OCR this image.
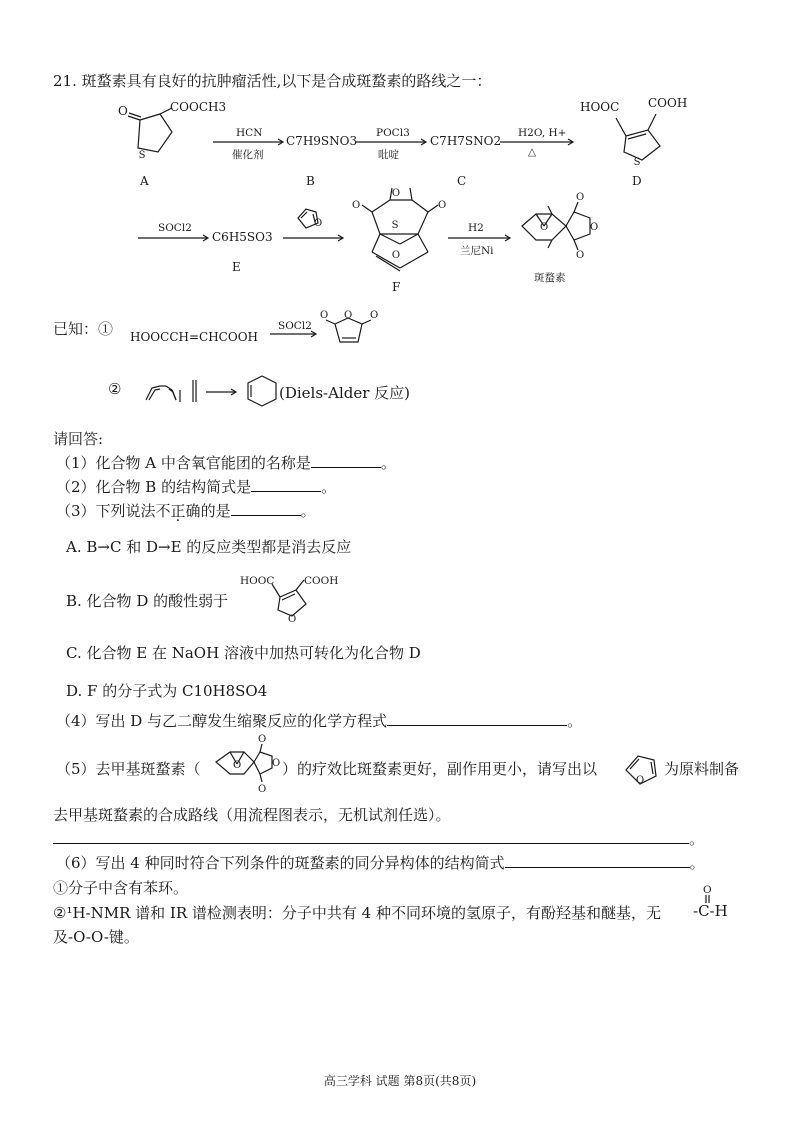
S
S
O
O
O	O
S
O
O
O
O
O
O O O
O
O
O
O
O
O
21. 斑蝥素具有良好的抗肿瘤活性,以下是合成斑蝥素的路线之一：
O	COOCH3
A
HCN
催化剂
C7H9SNO3
B
POCl3
吡啶
C7H7SNO2
C
H2O, H+
△
HOOC COOH
D
SOCl2
C6H5SO3
E
F
H2
兰尼Ni
斑蝥素
已知：① HOOCCH=CHCOOH
SOCl2
②	(Diels-Alder 反应)
请回答:
（1）化合物 A 中含氧官能团的名称是	。
（2）化合物 B 的结构简式是	。
（3）下列说法不正确的是	。
A. B→C 和 D→E 的反应类型都是消去反应
B. 化合物 D 的酸性弱于
HOOC	COOH
C. 化合物 E 在 NaOH 溶液中加热可转化为化合物 D
D. F 的分子式为 C10H8SO4
（4）写出 D 与乙二醇发生缩聚反应的化学方程式	。
（5）去甲基斑蝥素（	）的疗效比斑蝥素更好，副作用更小，请写出以	为原料制备
去甲基斑蝥素的合成路线（用流程图表示，无机试剂任选）。
。
（6）写出 4 种同时符合下列条件的斑蝥素的同分异构体的结构简式	。
①分子中含有苯环。
②¹H-NMR 谱和 IR 谱检测表明：分子中共有 4 种不同环境的氢原子，有酚羟基和醚基，无
O
-C-H
及-O-O-键。
高三学科 试题 第8页(共8页)
